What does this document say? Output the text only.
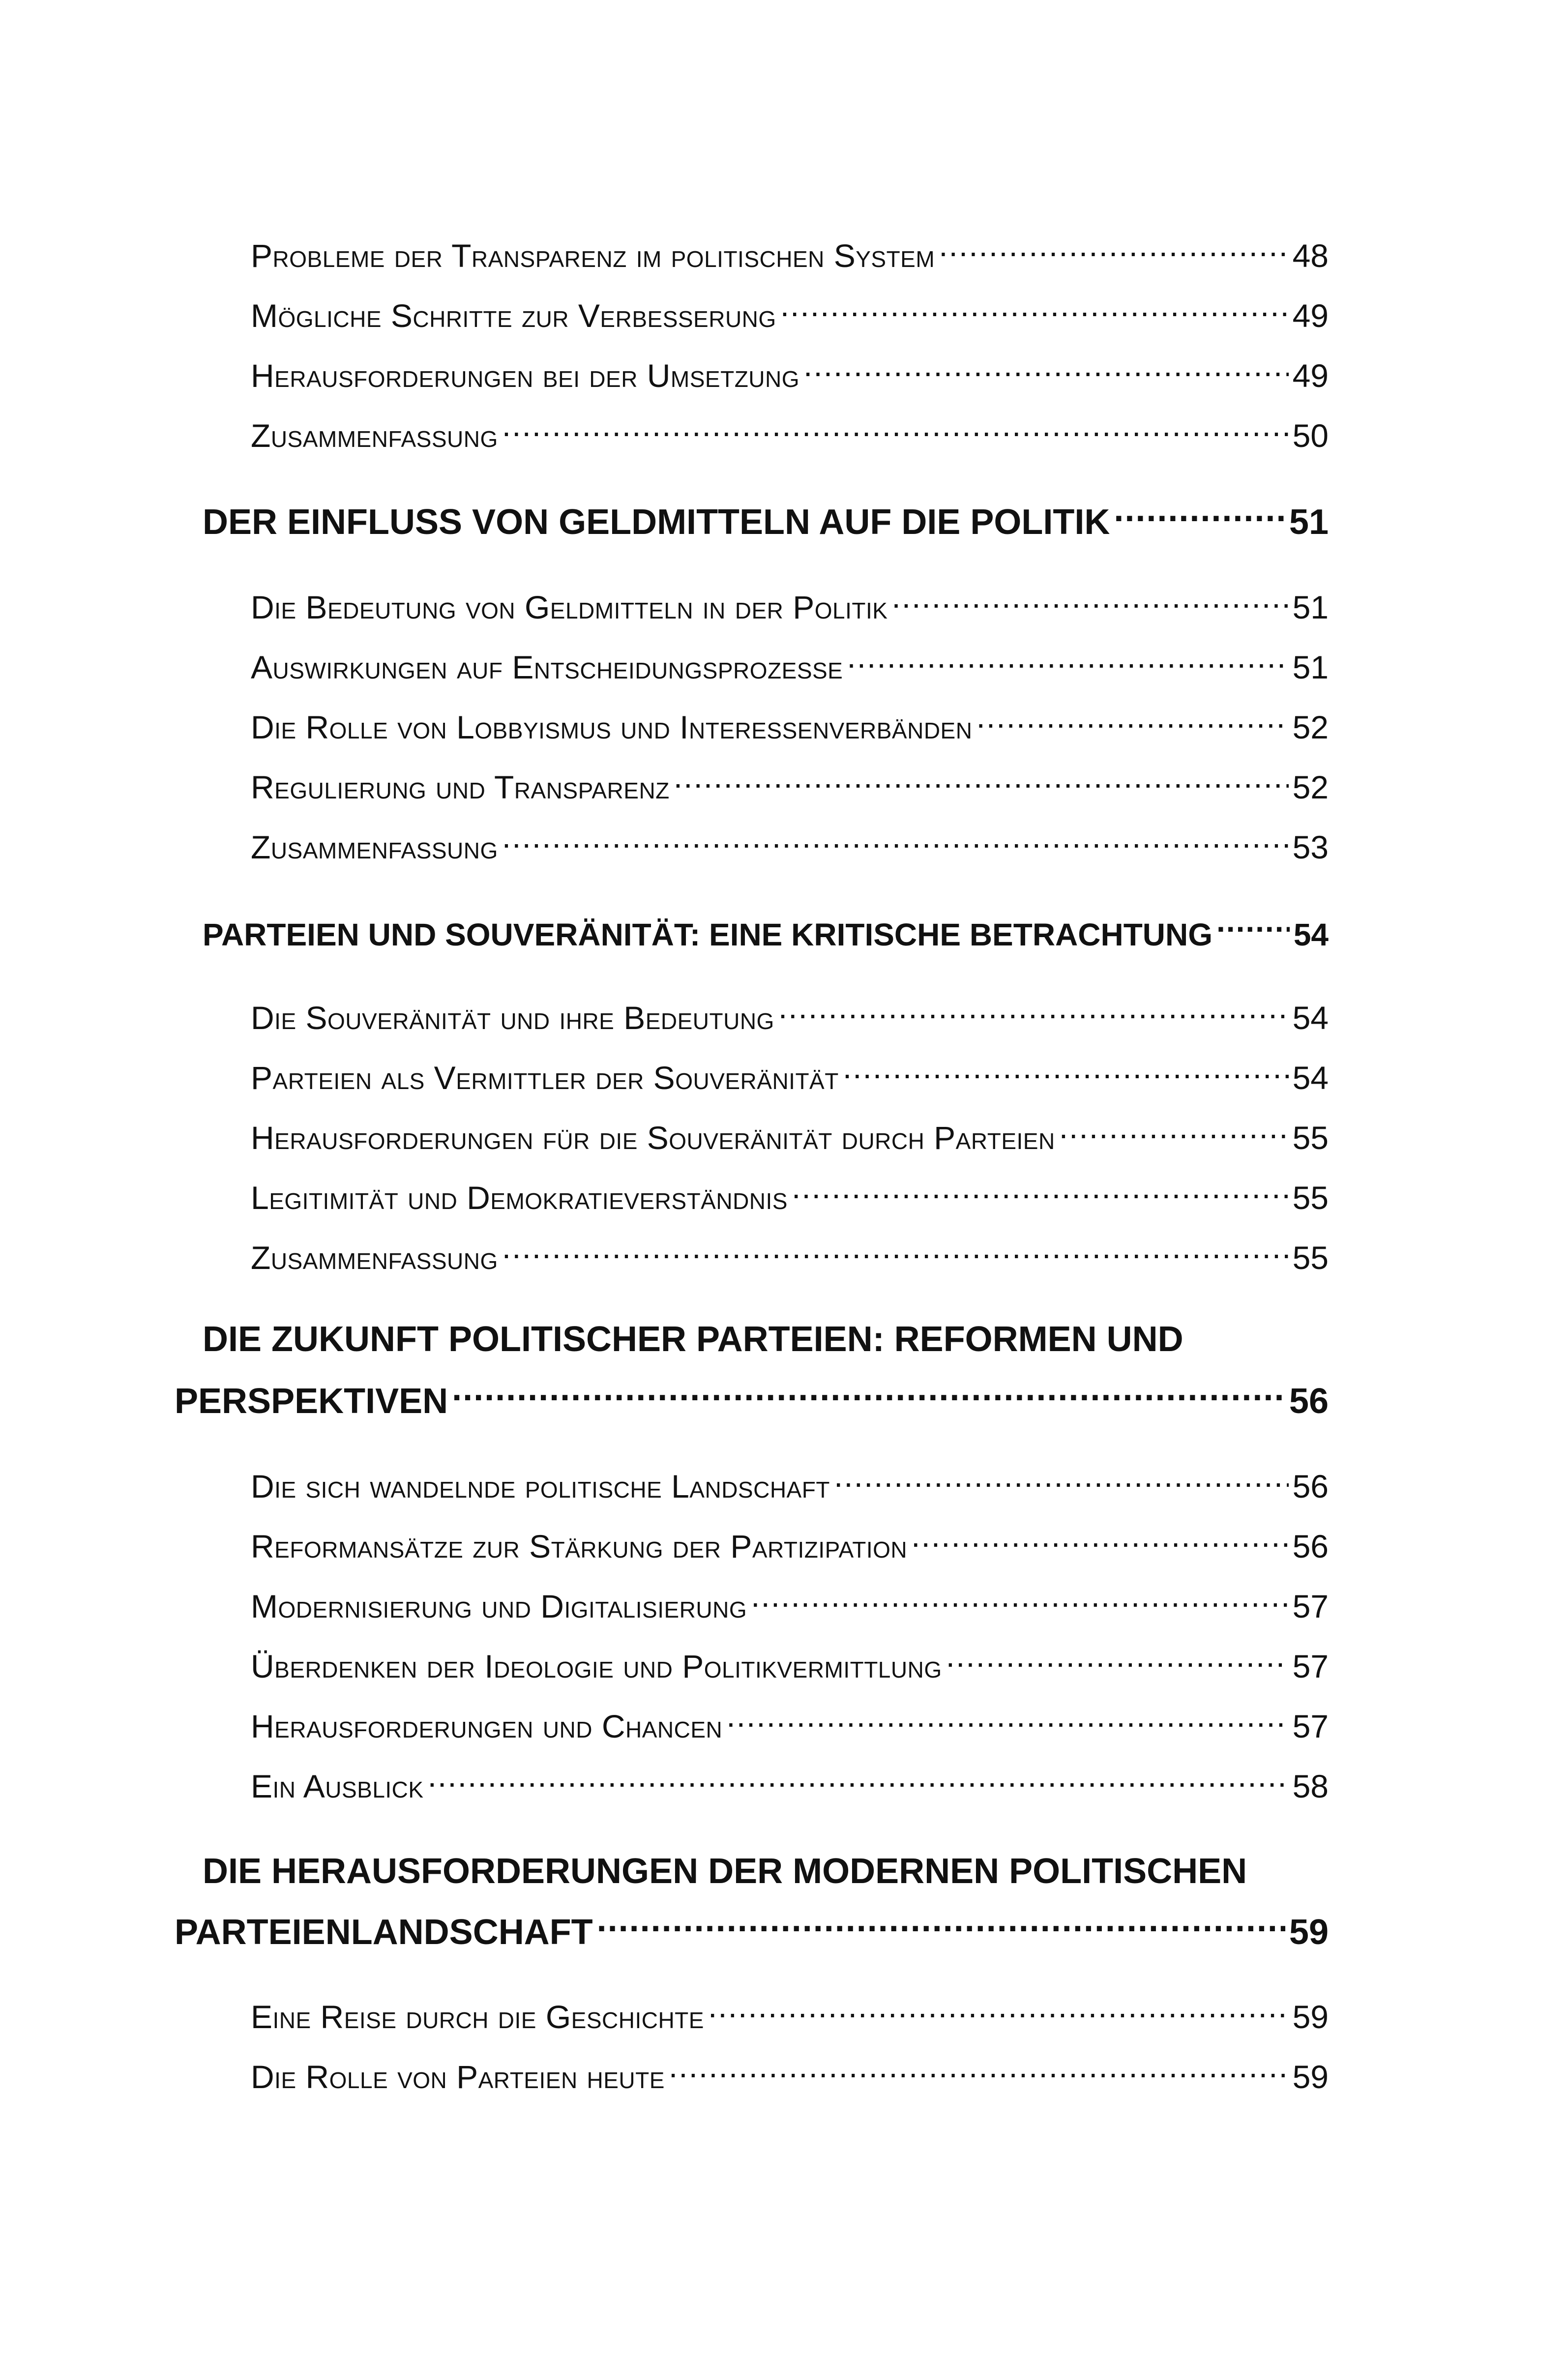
Probleme der Transparenz im politischen System .....	48
Mögliche Schritte zur Verbesserung .....	49
Herausforderungen bei der Umsetzung .....	49
Zusammenfassung .....	50
DER EINFLUSS VON GELDMITTELN AUF DIE POLITIK .....	51
Die Bedeutung von Geldmitteln in der Politik .....	51
Auswirkungen auf Entscheidungsprozesse .....	51
Die Rolle von Lobbyismus und Interessenverbänden .....	52
Regulierung und Transparenz .....	52
Zusammenfassung .....	53
PARTEIEN UND SOUVERÄNITÄT: EINE KRITISCHE BETRACHTUNG .....	54
Die Souveränität und ihre Bedeutung .....	54
Parteien als Vermittler der Souveränität .....	54
Herausforderungen für die Souveränität durch Parteien .....	55
Legitimität und Demokratieverständnis .....	55
Zusammenfassung .....	55
DIE ZUKUNFT POLITISCHER PARTEIEN: REFORMEN UND
PERSPEKTIVEN .....	56
Die sich wandelnde politische Landschaft .....	56
Reformansätze zur Stärkung der Partizipation .....	56
Modernisierung und Digitalisierung .....	57
Überdenken der Ideologie und Politikvermittlung .....	57
Herausforderungen und Chancen .....	57
Ein Ausblick .....	58
DIE HERAUSFORDERUNGEN DER MODERNEN POLITISCHEN
PARTEIENLANDSCHAFT .....	59
Eine Reise durch die Geschichte .....	59
Die Rolle von Parteien heute .....	59
